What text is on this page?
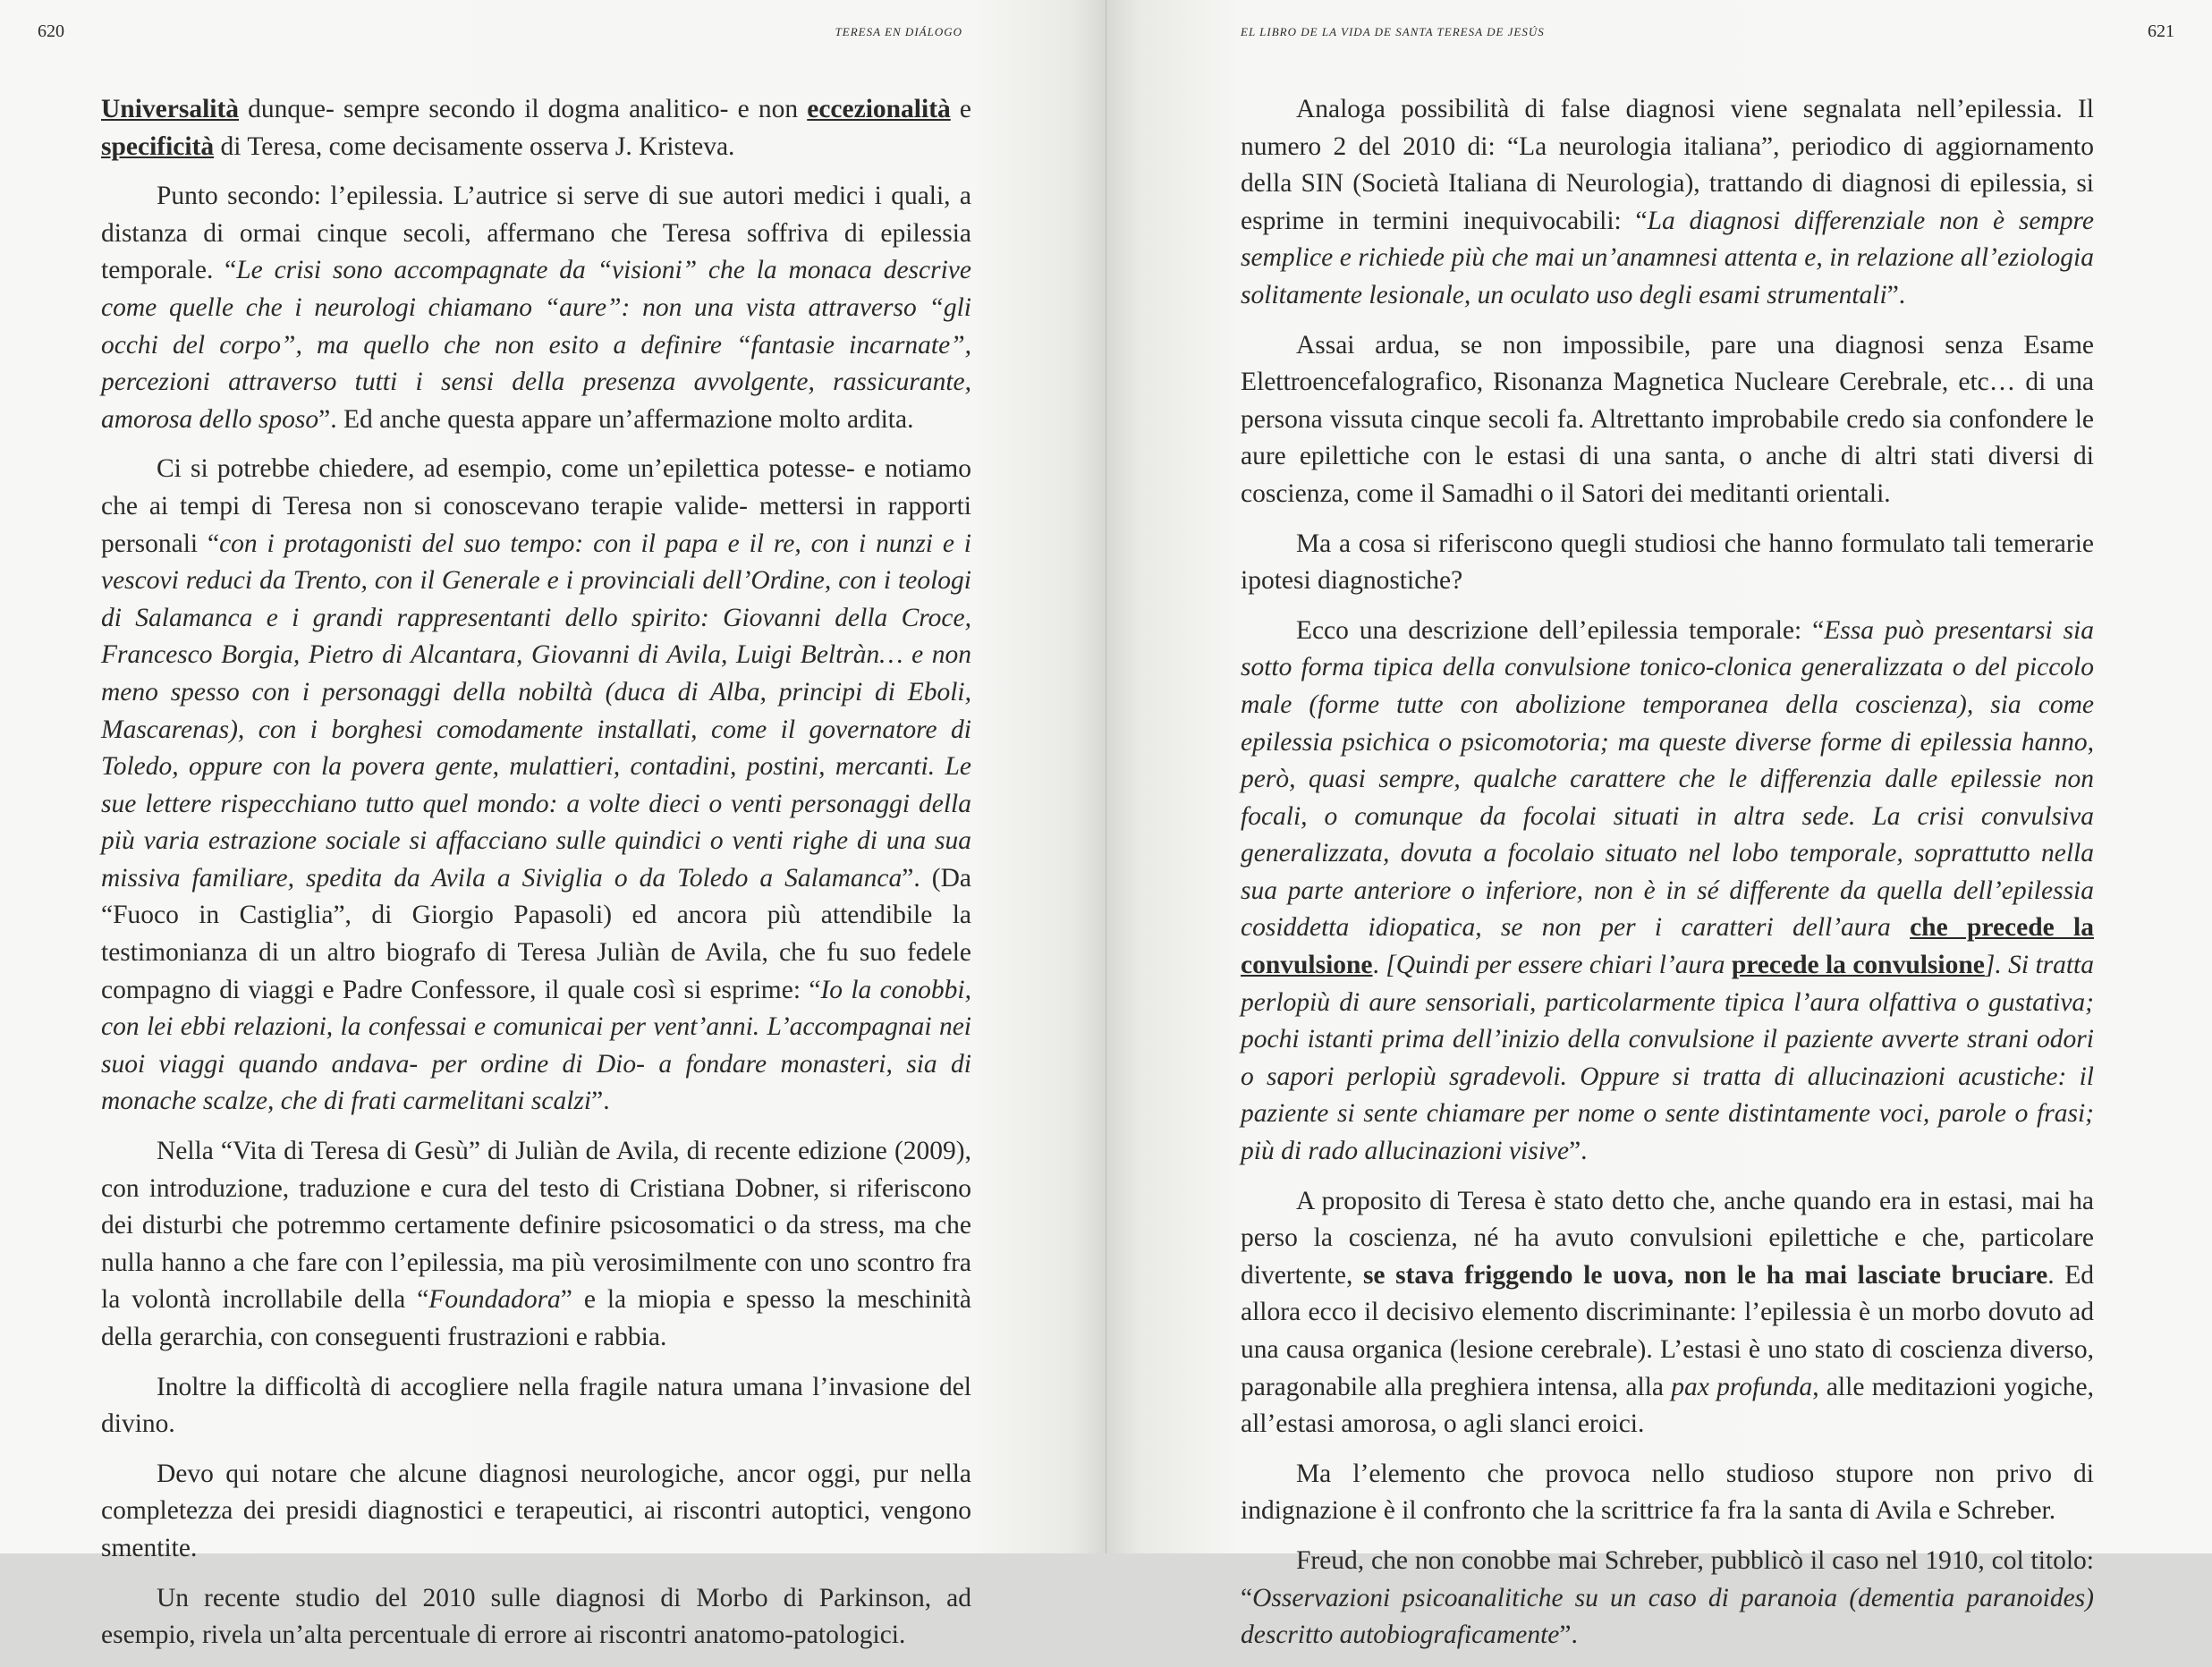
620	TERESA EN DIÁLOGO

Universalità dunque- sempre secondo il dogma analitico- e non eccezionalità e specificità di Teresa, come decisamente osserva J. Kristeva.

Punto secondo: l’epilessia. L’autrice si serve di sue autori medici i quali, a distanza di ormai cinque secoli, affermano che Teresa soffriva di epilessia temporale. “Le crisi sono accompagnate da “visioni” che la monaca descrive come quelle che i neurologi chiamano “aure”: non una vista attraverso “gli occhi del corpo”, ma quello che non esito a definire “fantasie incarnate”, percezioni attraverso tutti i sensi della presenza avvolgente, rassicurante, amorosa dello sposo”. Ed anche questa appare un’affermazione molto ardita.

Ci si potrebbe chiedere, ad esempio, come un’epilettica potesse- e notiamo che ai tempi di Teresa non si conoscevano terapie valide- mettersi in rapporti personali “con i protagonisti del suo tempo: con il papa e il re, con i nunzi e i vescovi reduci da Trento, con il Generale e i provinciali dell’Ordine, con i teologi di Salamanca e i grandi rappresentanti dello spirito: Giovanni della Croce, Francesco Borgia, Pietro di Alcantara, Giovanni di Avila, Luigi Beltràn… e non meno spesso con i personaggi della nobiltà (duca di Alba, principi di Eboli, Mascarenas), con i borghesi comodamente installati, come il governatore di Toledo, oppure con la povera gente, mulattieri, contadini, postini, mercanti. Le sue lettere rispecchiano tutto quel mondo: a volte dieci o venti personaggi della più varia estrazione sociale si affacciano sulle quindici o venti righe di una sua missiva familiare, spedita da Avila a Siviglia o da Toledo a Salamanca”. (Da “Fuoco in Castiglia”, di Giorgio Papasoli) ed ancora più attendibile la testimonianza di un altro biografo di Teresa Juliàn de Avila, che fu suo fedele compagno di viaggi e Padre Confessore, il quale così si esprime: “Io la conobbi, con lei ebbi relazioni, la confessai e comunicai per vent’anni. L’accompagnai nei suoi viaggi quando andava- per ordine di Dio- a fondare monasteri, sia di monache scalze, che di frati carmelitani scalzi”.

Nella “Vita di Teresa di Gesù” di Juliàn de Avila, di recente edizione (2009), con introduzione, traduzione e cura del testo di Cristiana Dobner, si riferiscono dei disturbi che potremmo certamente definire psicosomatici o da stress, ma che nulla hanno a che fare con l’epilessia, ma più verosimilmente con uno scontro fra la volontà incrollabile della “Foundadora” e la miopia e spesso la meschinità della gerarchia, con conseguenti frustrazioni e rabbia.

Inoltre la difficoltà di accogliere nella fragile natura umana l’invasione del divino.

Devo qui notare che alcune diagnosi neurologiche, ancor oggi, pur nella completezza dei presidi diagnostici e terapeutici, ai riscontri autoptici, vengono smentite.

Un recente studio del 2010 sulle diagnosi di Morbo di Parkinson, ad esempio, rivela un’alta percentuale di errore ai riscontri anatomo-patologici.

EL LIBRO DE LA VIDA DE SANTA TERESA DE JESÚS	621

Analoga possibilità di false diagnosi viene segnalata nell’epilessia. Il numero 2 del 2010 di: “La neurologia italiana”, periodico di aggiornamento della SIN (Società Italiana di Neurologia), trattando di diagnosi di epilessia, si esprime in termini inequivocabili: “La diagnosi differenziale non è sempre semplice e richiede più che mai un’anamnesi attenta e, in relazione all’eziologia solitamente lesionale, un oculato uso degli esami strumentali”.

Assai ardua, se non impossibile, pare una diagnosi senza Esame Elettroencefalografico, Risonanza Magnetica Nucleare Cerebrale, etc… di una persona vissuta cinque secoli fa. Altrettanto improbabile credo sia confondere le aure epilettiche con le estasi di una santa, o anche di altri stati diversi di coscienza, come il Samadhi o il Satori dei meditanti orientali.

Ma a cosa si riferiscono quegli studiosi che hanno formulato tali temerarie ipotesi diagnostiche?

Ecco una descrizione dell’epilessia temporale: “Essa può presentarsi sia sotto forma tipica della convulsione tonico-clonica generalizzata o del piccolo male (forme tutte con abolizione temporanea della coscienza), sia come epilessia psichica o psicomotoria; ma queste diverse forme di epilessia hanno, però, quasi sempre, qualche carattere che le differenzia dalle epilessie non focali, o comunque da focolai situati in altra sede. La crisi convulsiva generalizzata, dovuta a focolaio situato nel lobo temporale, soprattutto nella sua parte anteriore o inferiore, non è in sé differente da quella dell’epilessia cosiddetta idiopatica, se non per i caratteri dell’aura che precede la convulsione. [Quindi per essere chiari l’aura precede la convulsione]. Si tratta perlopiù di aure sensoriali, particolarmente tipica l’aura olfattiva o gustativa; pochi istanti prima dell’inizio della convulsione il paziente avverte strani odori o sapori perlopiù sgradevoli. Oppure si tratta di allucinazioni acustiche: il paziente si sente chiamare per nome o sente distintamente voci, parole o frasi; più di rado allucinazioni visive”.

A proposito di Teresa è stato detto che, anche quando era in estasi, mai ha perso la coscienza, né ha avuto convulsioni epilettiche e che, particolare divertente, se stava friggendo le uova, non le ha mai lasciate bruciare. Ed allora ecco il decisivo elemento discriminante: l’epilessia è un morbo dovuto ad una causa organica (lesione cerebrale). L’estasi è uno stato di coscienza diverso, paragonabile alla preghiera intensa, alla pax profunda, alle meditazioni yogiche, all’estasi amorosa, o agli slanci eroici.

Ma l’elemento che provoca nello studioso stupore non privo di indignazione è il confronto che la scrittrice fa fra la santa di Avila e Schreber.

Freud, che non conobbe mai Schreber, pubblicò il caso nel 1910, col titolo: “Osservazioni psicoanalitiche su un caso di paranoia (dementia paranoides) descritto autobiograficamente”.
